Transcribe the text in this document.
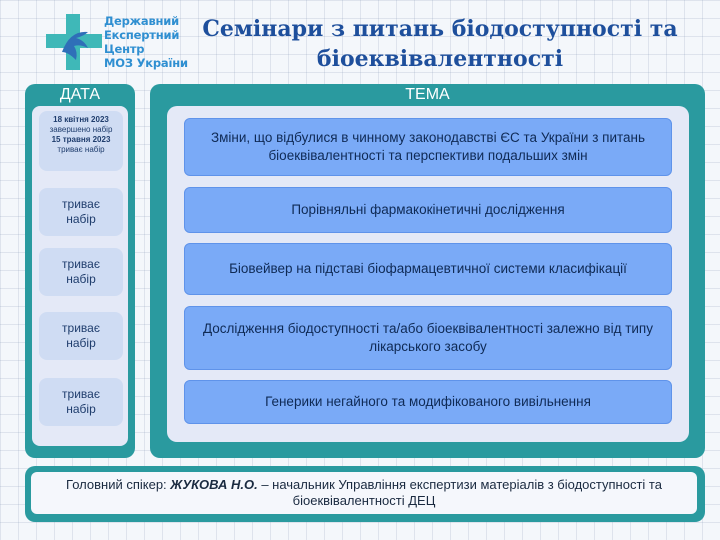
Державний
Експертний
Центр
МОЗ України
Семінари з питань біодоступності та біоеквівалентності
ДАТА
18 квітня 2023
завершено набір
15 травня 2023
триває набір
триває
набір
триває
набір
триває
набір
триває
набір
ТЕМА
Зміни, що відбулися в чинному законодавстві ЄС та України з питань біоеквівалентності та перспективи подальших змін
Порівняльні фармакокінетичні дослідження
Біовейвер на підставі біофармацевтичної системи класифікації
Дослідження біодоступності та/або біоеквівалентності залежно від типу лікарського засобу
Генерики негайного та модифікованого вивільнення
Головний спікер: ЖУКОВА Н.О. – начальник Управління експертизи матеріалів з біодоступності та біоеквівалентності ДЕЦ
